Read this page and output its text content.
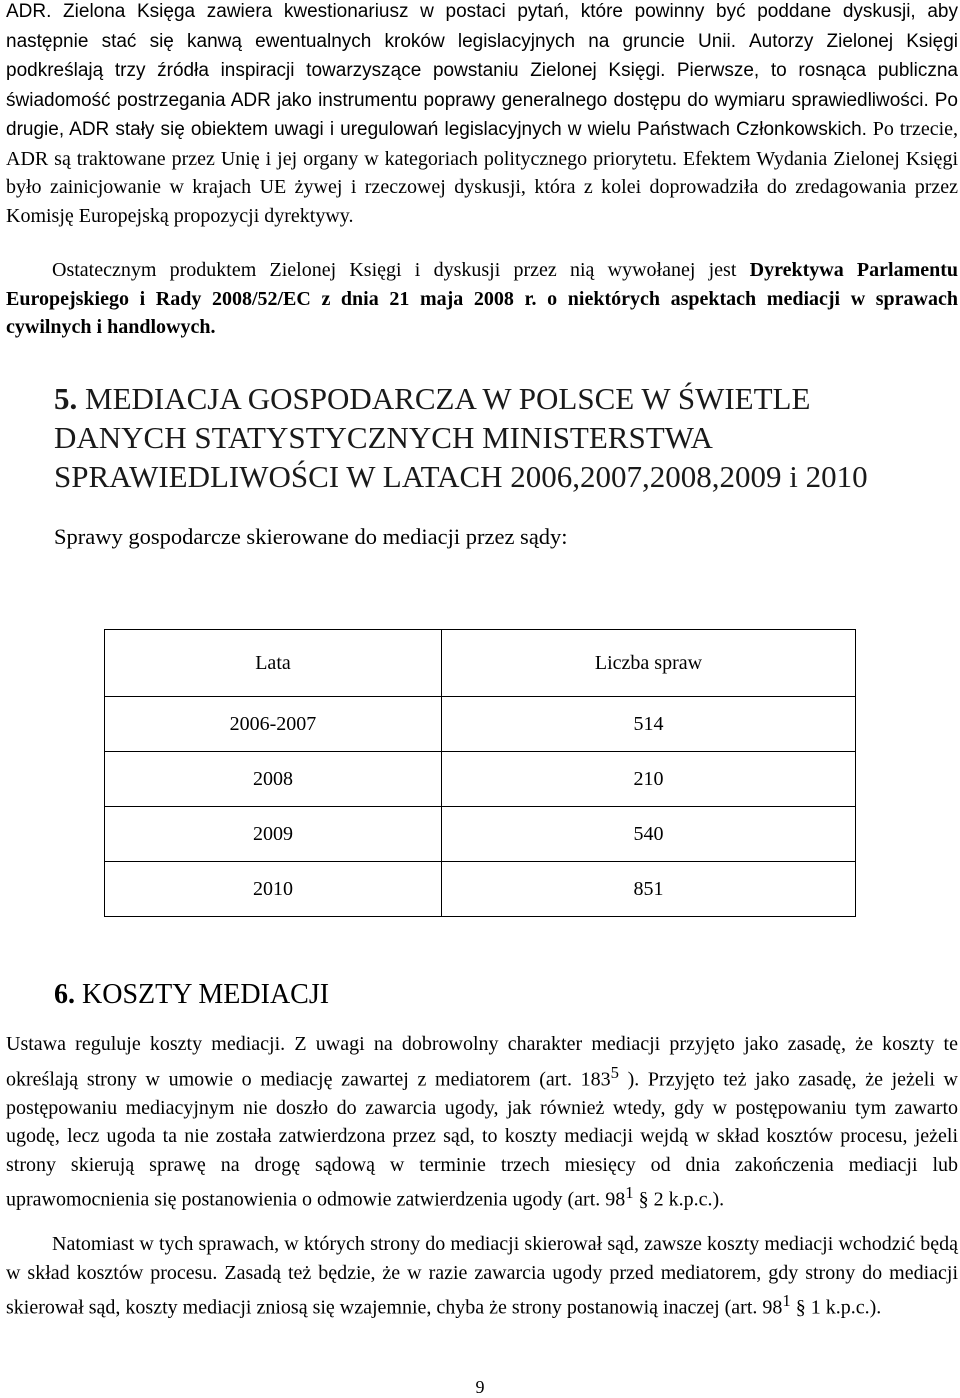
ADR. Zielona Księga zawiera kwestionariusz w postaci pytań, które powinny być poddane dyskusji, aby następnie stać się kanwą ewentualnych kroków legislacyjnych na gruncie Unii. Autorzy Zielonej Księgi podkreślają trzy źródła inspiracji towarzyszące powstaniu Zielonej Księgi. Pierwsze, to rosnąca publiczna świadomość postrzegania ADR jako instrumentu poprawy generalnego dostępu do wymiaru sprawiedliwości. Po drugie, ADR stały się obiektem uwagi i uregulowań legislacyjnych w wielu Państwach Członkowskich. Po trzecie, ADR są traktowane przez Unię i jej organy w kategoriach politycznego priorytetu. Efektem Wydania Zielonej Księgi było zainicjowanie w krajach UE żywej i rzeczowej dyskusji, która z kolei doprowadziła do zredagowania przez Komisję Europejską propozycji dyrektywy.
Ostatecznym produktem Zielonej Księgi i dyskusji przez nią wywołanej jest Dyrektywa Parlamentu Europejskiego i Rady 2008/52/EC z dnia 21 maja 2008 r. o niektórych aspektach mediacji w sprawach cywilnych i handlowych.
5. MEDIACJA GOSPODARCZA W POLSCE W ŚWIETLE
DANYCH STATYSTYCZNYCH MINISTERSTWA
SPRAWIEDLIWOŚCI W LATACH 2006,2007,2008,2009 i 2010
Sprawy gospodarcze skierowane do mediacji przez sądy:
Lata	Liczba spraw
2006-2007	514
2008	210
2009	540
2010	851
6. KOSZTY MEDIACJI
Ustawa reguluje koszty mediacji. Z uwagi na dobrowolny charakter mediacji przyjęto jako zasadę, że koszty te określają strony w umowie o mediację zawartej z mediatorem (art. $183^5$ ). Przyjęto też jako zasadę, że jeżeli w postępowaniu mediacyjnym nie doszło do zawarcia ugody, jak również wtedy, gdy w postępowaniu tym zawarto ugodę, lecz ugoda ta nie została zatwierdzona przez sąd, to koszty mediacji wejdą w skład kosztów procesu, jeżeli strony skierują sprawę na drogę sądową w terminie trzech miesięcy od dnia zakończenia mediacji lub uprawomocnienia się postanowienia o odmowie zatwierdzenia ugody (art. $98^1$ § 2 k.p.c.).
Natomiast w tych sprawach, w których strony do mediacji skierował sąd, zawsze koszty mediacji wchodzić będą w skład kosztów procesu. Zasadą też będzie, że w razie zawarcia ugody przed mediatorem, gdy strony do mediacji skierował sąd, koszty mediacji zniosą się wzajemnie, chyba że strony postanowią inaczej (art. $98^1$ § 1 k.p.c.).
9
